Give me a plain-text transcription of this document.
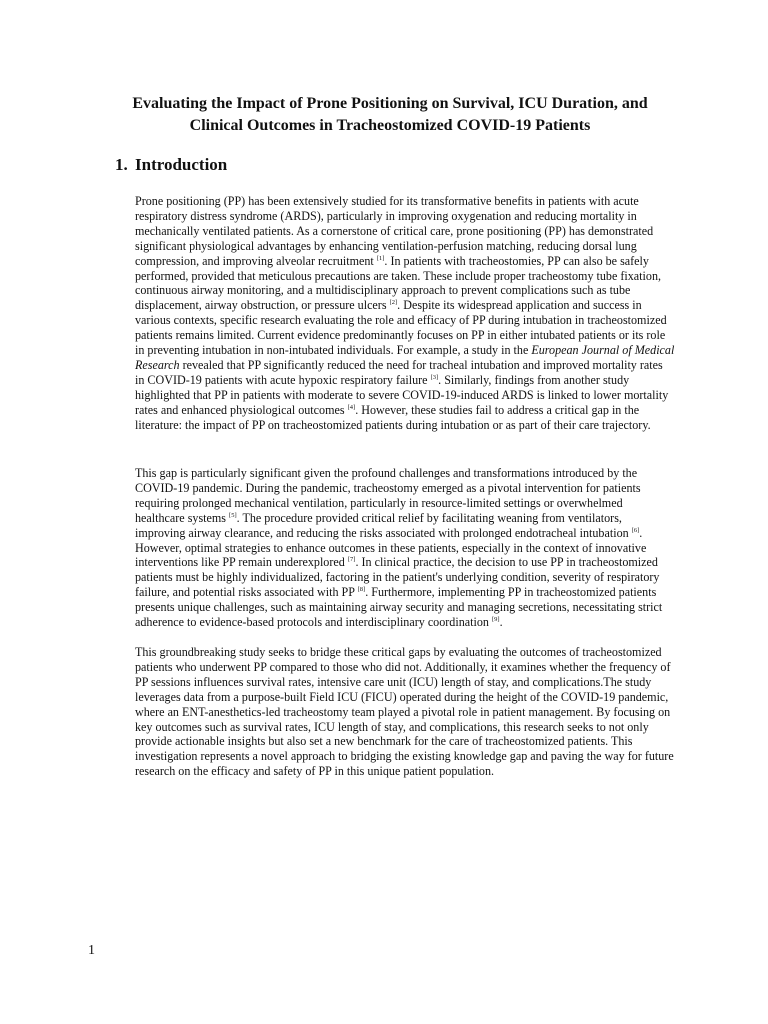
Evaluating the Impact of Prone Positioning on Survival, ICU Duration, and Clinical Outcomes in Tracheostomized COVID-19 Patients
1. Introduction

Prone positioning (PP) has been extensively studied for its transformative benefits in patients with acute respiratory distress syndrome (ARDS), particularly in improving oxygenation and reducing mortality in mechanically ventilated patients. As a cornerstone of critical care, prone positioning (PP) has demonstrated significant physiological advantages by enhancing ventilation-perfusion matching, reducing dorsal lung compression, and improving alveolar recruitment [1]. In patients with tracheostomies, PP can also be safely performed, provided that meticulous precautions are taken. These include proper tracheostomy tube fixation, continuous airway monitoring, and a multidisciplinary approach to prevent complications such as tube displacement, airway obstruction, or pressure ulcers [2]. Despite its widespread application and success in various contexts, specific research evaluating the role and efficacy of PP during intubation in tracheostomized patients remains limited. Current evidence predominantly focuses on PP in either intubated patients or its role in preventing intubation in non-intubated individuals. For example, a study in the European Journal of Medical Research revealed that PP significantly reduced the need for tracheal intubation and improved mortality rates in COVID-19 patients with acute hypoxic respiratory failure [3]. Similarly, findings from another study highlighted that PP in patients with moderate to severe COVID-19-induced ARDS is linked to lower mortality rates and enhanced physiological outcomes [4]. However, these studies fail to address a critical gap in the literature: the impact of PP on tracheostomized patients during intubation or as part of their care trajectory.

This gap is particularly significant given the profound challenges and transformations introduced by the COVID-19 pandemic. During the pandemic, tracheostomy emerged as a pivotal intervention for patients requiring prolonged mechanical ventilation, particularly in resource-limited settings or overwhelmed healthcare systems [5]. The procedure provided critical relief by facilitating weaning from ventilators, improving airway clearance, and reducing the risks associated with prolonged endotracheal intubation [6]. However, optimal strategies to enhance outcomes in these patients, especially in the context of innovative interventions like PP remain underexplored [7]. In clinical practice, the decision to use PP in tracheostomized patients must be highly individualized, factoring in the patient's underlying condition, severity of respiratory failure, and potential risks associated with PP [8]. Furthermore, implementing PP in tracheostomized patients presents unique challenges, such as maintaining airway security and managing secretions, necessitating strict adherence to evidence-based protocols and interdisciplinary coordination [9].

This groundbreaking study seeks to bridge these critical gaps by evaluating the outcomes of tracheostomized patients who underwent PP compared to those who did not. Additionally, it examines whether the frequency of PP sessions influences survival rates, intensive care unit (ICU) length of stay, and complications.The study leverages data from a purpose-built Field ICU (FICU) operated during the height of the COVID-19 pandemic, where an ENT-anesthetics-led tracheostomy team played a pivotal role in patient management. By focusing on key outcomes such as survival rates, ICU length of stay, and complications, this research seeks to not only provide actionable insights but also set a new benchmark for the care of tracheostomized patients. This investigation represents a novel approach to bridging the existing knowledge gap and paving the way for future research on the efficacy and safety of PP in this unique patient population.

1
